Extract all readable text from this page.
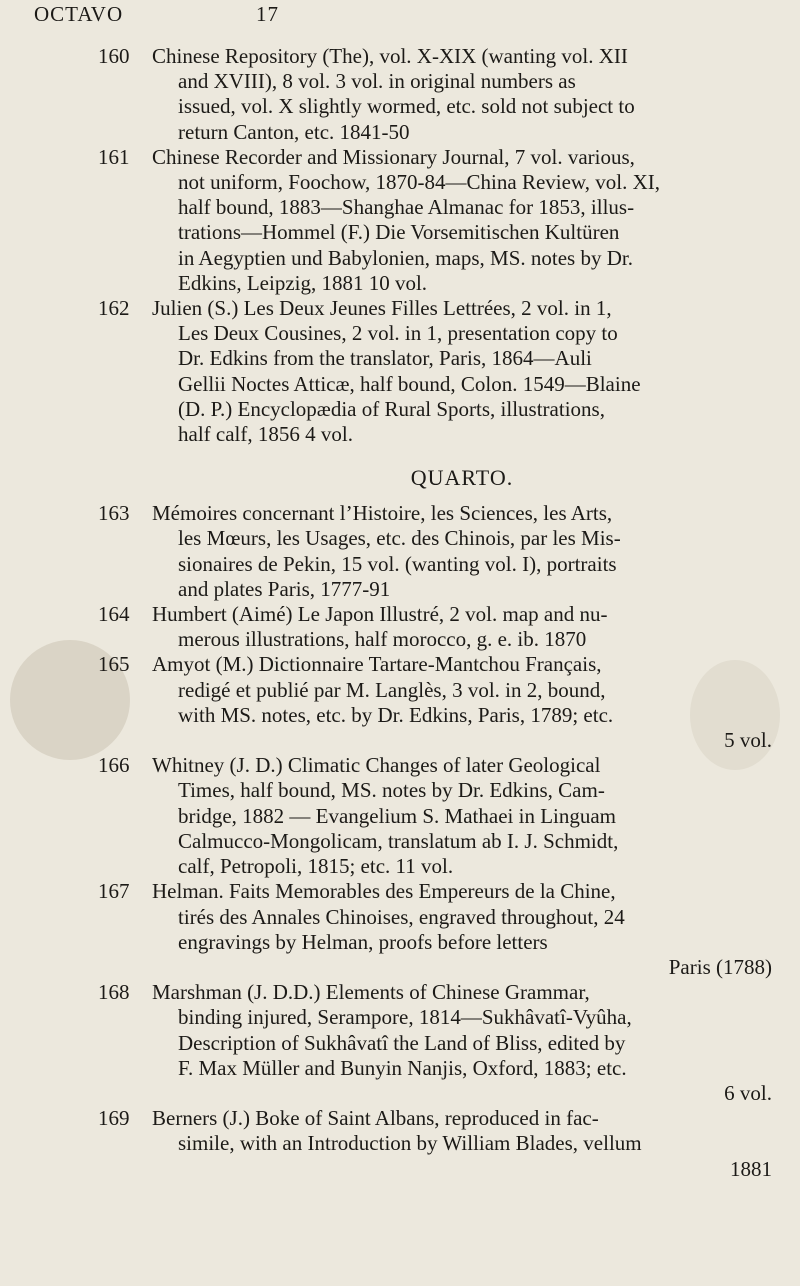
OCTAVO	17
160	Chinese Repository (The), vol. X-XIX (wanting vol. XII
and XVIII), 8 vol. 3 vol. in original numbers as
issued, vol. X slightly wormed, etc. sold not subject to
return Canton, etc. 1841-50

161	Chinese Recorder and Missionary Journal, 7 vol. various,
not uniform, Foochow, 1870-84—China Review, vol. XI,
half bound, 1883—Shanghae Almanac for 1853, illus-
trations—Hommel (F.) Die Vorsemitischen Kultüren
in Aegyptien und Babylonien, maps, MS. notes by Dr.
Edkins, Leipzig, 1881 10 vol.

162	Julien (S.) Les Deux Jeunes Filles Lettrées, 2 vol. in 1,
Les Deux Cousines, 2 vol. in 1, presentation copy to
Dr. Edkins from the translator, Paris, 1864—Auli
Gellii Noctes Atticæ, half bound, Colon. 1549—Blaine
(D. P.) Encyclopædia of Rural Sports, illustrations,
half calf, 1856 4 vol.

QUARTO.
163	Mémoires concernant l’Histoire, les Sciences, les Arts,
les Mœurs, les Usages, etc. des Chinois, par les Mis-
sionaires de Pekin, 15 vol. (wanting vol. I), portraits
and plates Paris, 1777-91

164	Humbert (Aimé) Le Japon Illustré, 2 vol. map and nu-
merous illustrations, half morocco, g. e. ib. 1870

165	Amyot (M.) Dictionnaire Tartare-Mantchou Français,
redigé et publié par M. Langlès, 3 vol. in 2, bound,
with MS. notes, etc. by Dr. Edkins, Paris, 1789; etc.
5 vol.

166	Whitney (J. D.) Climatic Changes of later Geological
Times, half bound, MS. notes by Dr. Edkins, Cam-
bridge, 1882 — Evangelium S. Mathaei in Linguam
Calmucco-Mongolicam, translatum ab I. J. Schmidt,
calf, Petropoli, 1815; etc. 11 vol.

167	Helman. Faits Memorables des Empereurs de la Chine,
tirés des Annales Chinoises, engraved throughout, 24
engravings by Helman, proofs before letters
Paris (1788)

168	Marshman (J. D.D.) Elements of Chinese Grammar,
binding injured, Serampore, 1814—Sukhâvatî-Vyûha,
Description of Sukhâvatî the Land of Bliss, edited by
F. Max Müller and Bunyin Nanjis, Oxford, 1883; etc.
6 vol.

169	Berners (J.) Boke of Saint Albans, reproduced in fac-
simile, with an Introduction by William Blades, vellum
1881
